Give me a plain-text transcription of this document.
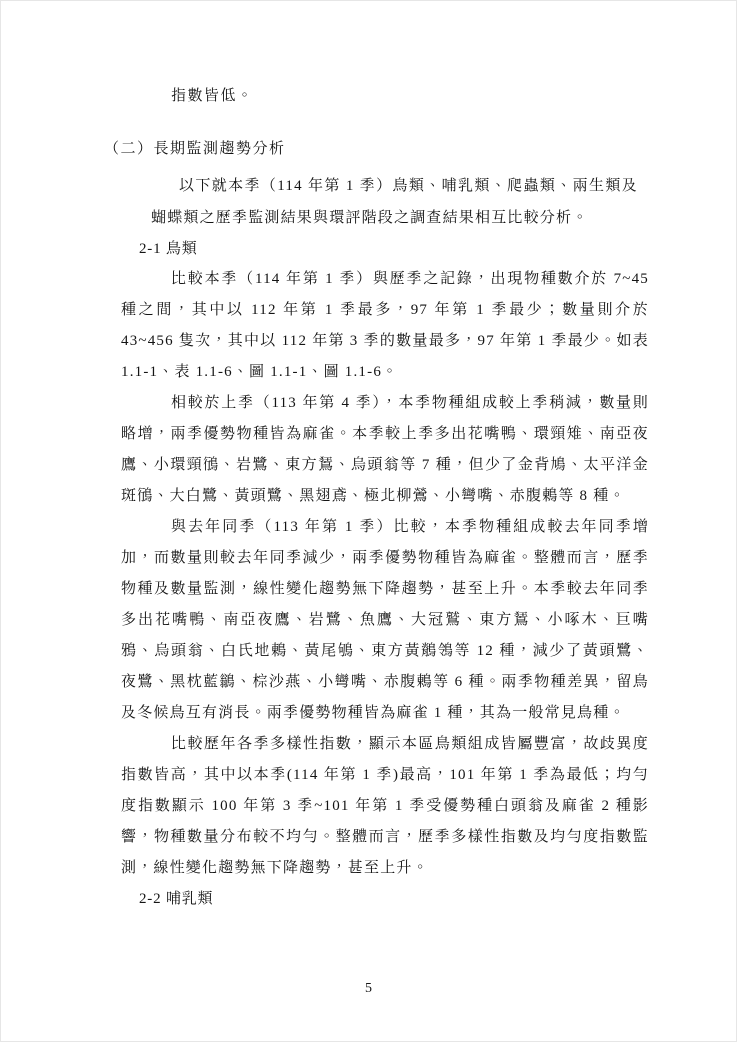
指數皆低。

（二）長期監測趨勢分析

以下就本季（114 年第 1 季）鳥類、哺乳類、爬蟲類、兩生類及蝴蝶類之歷季監測結果與環評階段之調查結果相互比較分析。

2-1 鳥類

比較本季（114 年第 1 季）與歷季之記錄，出現物種數介於 7~45 種之間，其中以 112 年第 1 季最多，97 年第 1 季最少；數量則介於 43~456 隻次，其中以 112 年第 3 季的數量最多，97 年第 1 季最少。如表 1.1-1、表 1.1-6、圖 1.1-1、圖 1.1-6。

相較於上季（113 年第 4 季），本季物種組成較上季稍減，數量則略增，兩季優勢物種皆為麻雀。本季較上季多出花嘴鴨、環頸雉、南亞夜鷹、小環頸鴴、岩鷺、東方鵟、烏頭翁等 7 種，但少了金背鳩、太平洋金斑鴴、大白鷺、黃頭鷺、黑翅鳶、極北柳鶯、小彎嘴、赤腹鶇等 8 種。

與去年同季（113 年第 1 季）比較，本季物種組成較去年同季增加，而數量則較去年同季減少，兩季優勢物種皆為麻雀。整體而言，歷季物種及數量監測，線性變化趨勢無下降趨勢，甚至上升。本季較去年同季多出花嘴鴨、南亞夜鷹、岩鷺、魚鷹、大冠鷲、東方鵟、小啄木、巨嘴鴉、烏頭翁、白氏地鶇、黃尾鴝、東方黃鶺鴒等 12 種，減少了黃頭鷺、夜鷺、黑枕藍鶲、棕沙燕、小彎嘴、赤腹鶇等 6 種。兩季物種差異，留鳥及冬候鳥互有消長。兩季優勢物種皆為麻雀 1 種，其為一般常見鳥種。

比較歷年各季多樣性指數，顯示本區鳥類組成皆屬豐富，故歧異度指數皆高，其中以本季(114 年第 1 季)最高，101 年第 1 季為最低；均勻度指數顯示 100 年第 3 季~101 年第 1 季受優勢種白頭翁及麻雀 2 種影響，物種數量分布較不均勻。整體而言，歷季多樣性指數及均勻度指數監測，線性變化趨勢無下降趨勢，甚至上升。

2-2 哺乳類
5
